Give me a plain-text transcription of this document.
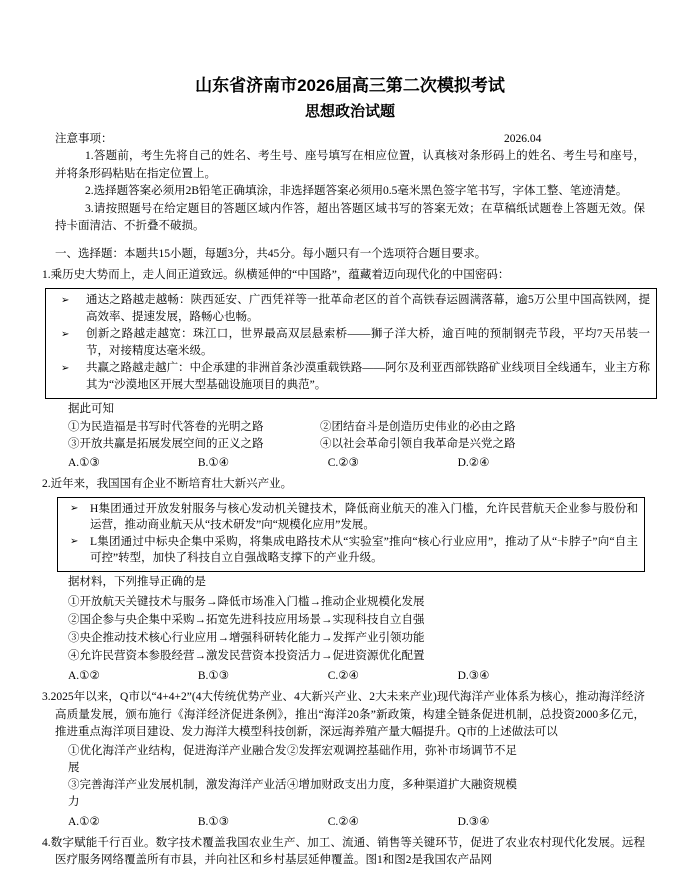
山东省济南市2026届高三第二次模拟考试

思想政治试题

注意事项：	2026.04

1.答题前，考生先将自己的姓名、考生号、座号填写在相应位置，认真核对条形码上的姓名、考生号和座号，并将条形码粘贴在指定位置上。

2.选择题答案必须用2B铅笔正确填涂，非选择题答案必须用0.5毫米黑色签字笔书写，字体工整、笔迹清楚。

3.请按照题号在给定题目的答题区域内作答，超出答题区域书写的答案无效；在草稿纸试题卷上答题无效。保持卡面清洁、不折叠不破损。

一、选择题：本题共15小题，每题3分，共45分。每小题只有一个选项符合题目要求。

1.乘历史大势而上，走人间正道致远。纵横延伸的“中国路”，蕴藏着迈向现代化的中国密码：

➢ 通达之路越走越畅：陕西延安、广西凭祥等一批革命老区的首个高铁春运圆满落幕，逾5万公里中国高铁网，提高效率、提速发展，路畅心也畅。
➢ 创新之路越走越宽：珠江口，世界最高双层悬索桥——狮子洋大桥，逾百吨的预制钢壳节段，平均7天吊装一节，对接精度达毫米级。
➢ 共赢之路越走越广：中企承建的非洲首条沙漠重载铁路——阿尔及利亚西部铁路矿业线项目全线通车，业主方称其为“沙漠地区开展大型基础设施项目的典范”。
据此可知
①为民造福是书写时代答卷的光明之路	②团结奋斗是创造历史伟业的必由之路
③开放共赢是拓展发展空间的正义之路	④以社会革命引领自我革命是兴党之路
A.①③	B.①④	C.②③	D.②④

2.近年来，我国国有企业不断培育壮大新兴产业。

➢ H集团通过开放发射服务与核心发动机关键技术，降低商业航天的准入门槛，允许民营航天企业参与股份和运营，推动商业航天从“技术研发”向“规模化应用”发展。
➢ L集团通过中标央企集中采购，将集成电路技术从“实验室”推向“核心行业应用”，推动了从“卡脖子”向“自主可控”转型，加快了科技自立自强战略支撑下的产业升级。
据材料，下列推导正确的是
①开放航天关键技术与服务→降低市场准入门槛→推动企业规模化发展
②国企参与央企集中采购→拓宽先进科技应用场景→实现科技自立自强
③央企推动技术核心行业应用→增强科研转化能力→发挥产业引领功能
④允许民营资本参股经营→激发民营资本投资活力→促进资源优化配置
A.①②	B.①③	C.②④	D.③④

3.2025年以来，Q市以“4+4+2”(4大传统优势产业、4大新兴产业、2大未来产业)现代海洋产业体系为核心，推动海洋经济高质量发展，颁布施行《海洋经济促进条例》，推出“海洋20条”新政策，构建全链条促进机制，总投资2000多亿元，推进重点海洋项目建设、发力海洋大模型科技创新，深远海养殖产量大幅提升。Q市的上述做法可以

①优化海洋产业结构，促进海洋产业融合发展
②发挥宏观调控基础作用，弥补市场调节不足
③完善海洋产业发展机制，激发海洋产业活力
④增加财政支出力度，多种渠道扩大融资规模
A.①②	B.①③	C.②④	D.③④

4.数字赋能千行百业。数字技术覆盖我国农业生产、加工、流通、销售等关键环节，促进了农业农村现代化发展。远程医疗服务网络覆盖所有市县，并向社区和乡村基层延伸覆盖。图1和图2是我国农产品网
